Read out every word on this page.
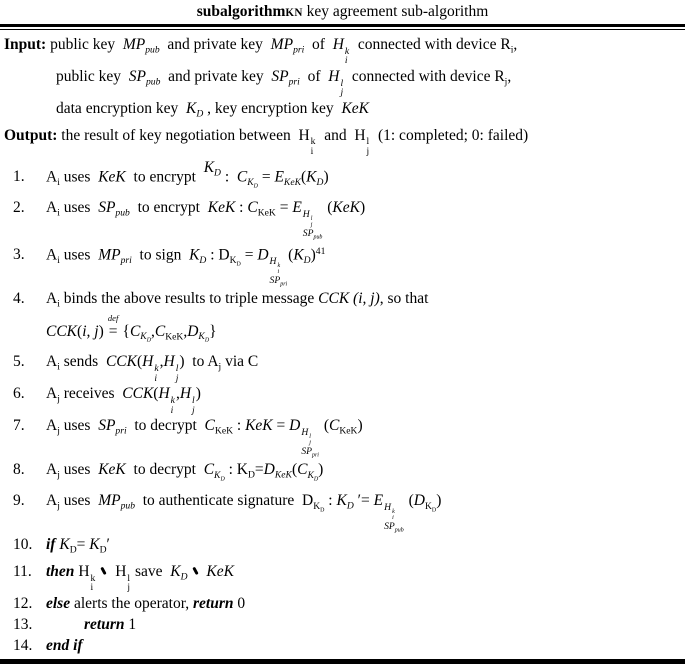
subalgorithmKN key agreement sub-algorithm
Input: public key  $MP_{pub}$  and private key  $MP_{pri}$  of  H k
i
connected with device $R_i$,
public key  $SP_{pub}$  and private key  $SP_{pri}$  of  H l
j
connected with device $R_j$,
data encryption key  $K_D$ , key encryption key  KeK
Output: the result of key negotiation between  H k
i
and  H l
j
(1: completed; 0: failed)
1.	$A_i$ uses  KeK  to encrypt  $K_D$ :  $C_{K_D} = E_{KeK}(K_D)$
2.	$A_i$ uses  $SP_{pub}$  to encrypt  KeK : $C_{KeK} = E$ H l
j
$SP_{pub}$
(KeK)
3.	$A_i$ uses  $MP_{pri}$  to sign  $K_D$ : $D_{K_D} = D$ H k
i
$SP_{pri}$
$(K_D)^{41}$
4.	$A_i$ binds the above results to triple message CCK (i, j), so that
CCK(i, j)
def
= $\{C_{K_D},C_{KeK},D_{K_D}\}$
5.	$A_i$ sends  CCK(H k
i
,H l
j
)  to $A_j$ via C
6.	$A_j$ receives  CCK(H k
i
,H l
j
)
7.	$A_j$ uses  $SP_{pri}$  to decrypt  $C_{KeK}$ : KeK = D H l
j
$SP_{pri}$
$(C_{KeK})$
8.	$A_j$ uses  KeK  to decrypt  $C_{K_D}$ : $K_D=D_{KeK}(C_{K_D})$
9.	$A_j$ uses  $MP_{pub}$  to authenticate signature  $D_{K_D}$ : $K_D$ ′= E H k
i
$SP_{pub}$
$(D_{K_D})$
10. if $K_D= K_D'$
11. then H k
i
H l
j
save  $K_D$ KeK
12. else alerts the operator, return 0
13.	return 1
14. end if
